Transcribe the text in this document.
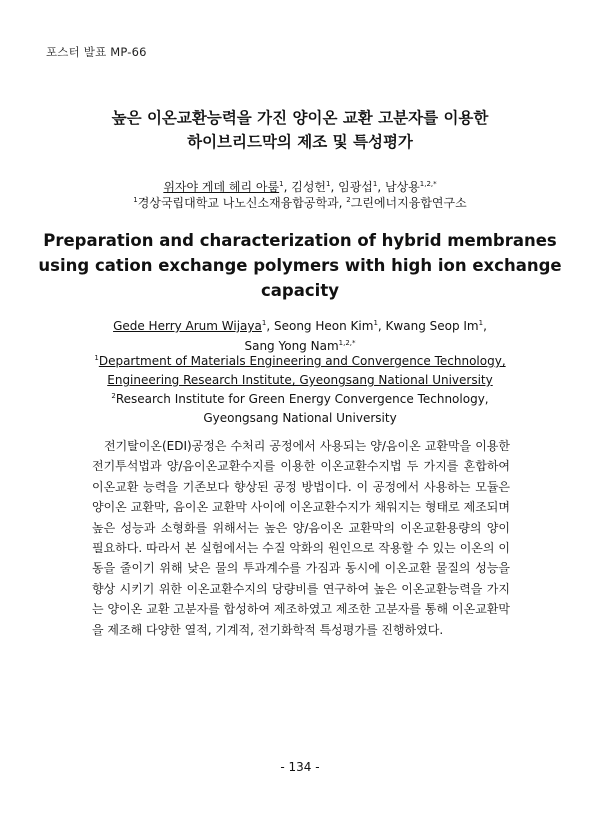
포스터 발표 MP-66
높은 이온교환능력을 가진 양이온 교환 고분자를 이용한
하이브리드막의 제조 및 특성평가
위자야 게데 헤리 아룸$^1$, 김성헌$^1$, 임광섭$^1$, 남상용$^{1,2,*}$
$^1$경상국립대학교 나노신소재융합공학과, $^2$그린에너지융합연구소
Preparation and characterization of hybrid membranes
using cation exchange polymers with high ion exchange
capacity
Gede Herry Arum Wijaya$^1$, Seong Heon Kim$^1$, Kwang Seop Im$^1$,
Sang Yong Nam$^{1,2,*}$
$^1$Department of Materials Engineering and Convergence Technology,
Engineering Research Institute, Gyeongsang National University
$^2$Research Institute for Green Energy Convergence Technology,
Gyeongsang National University

전기탈이온(EDI)공정은 수처리 공정에서 사용되는 양/음이온 교환막을 이용한 전기투석법과 양/음이온교환수지를 이용한 이온교환수지법 두 가지를 혼합하여 이온교환 능력을 기존보다 향상된 공정 방법이다. 이 공정에서 사용하는 모듈은 양이온 교환막, 음이온 교환막 사이에 이온교환수지가 채워지는 형태로 제조되며 높은 성능과 소형화를 위해서는 높은 양/음이온 교환막의 이온교환용량의 양이 필요하다. 따라서 본 실험에서는 수질 악화의 원인으로 작용할 수 있는 이온의 이동을 줄이기 위해 낮은 물의 투과계수를 가짐과 동시에 이온교환 물질의 성능을 향상 시키기 위한 이온교환수지의 당량비를 연구하여 높은 이온교환능력을 가지는 양이온 교환 고분자를 합성하여 제조하였고 제조한 고분자를 통해 이온교환막을 제조해 다양한 열적, 기계적, 전기화학적 특성평가를 진행하였다.

- 134 -
